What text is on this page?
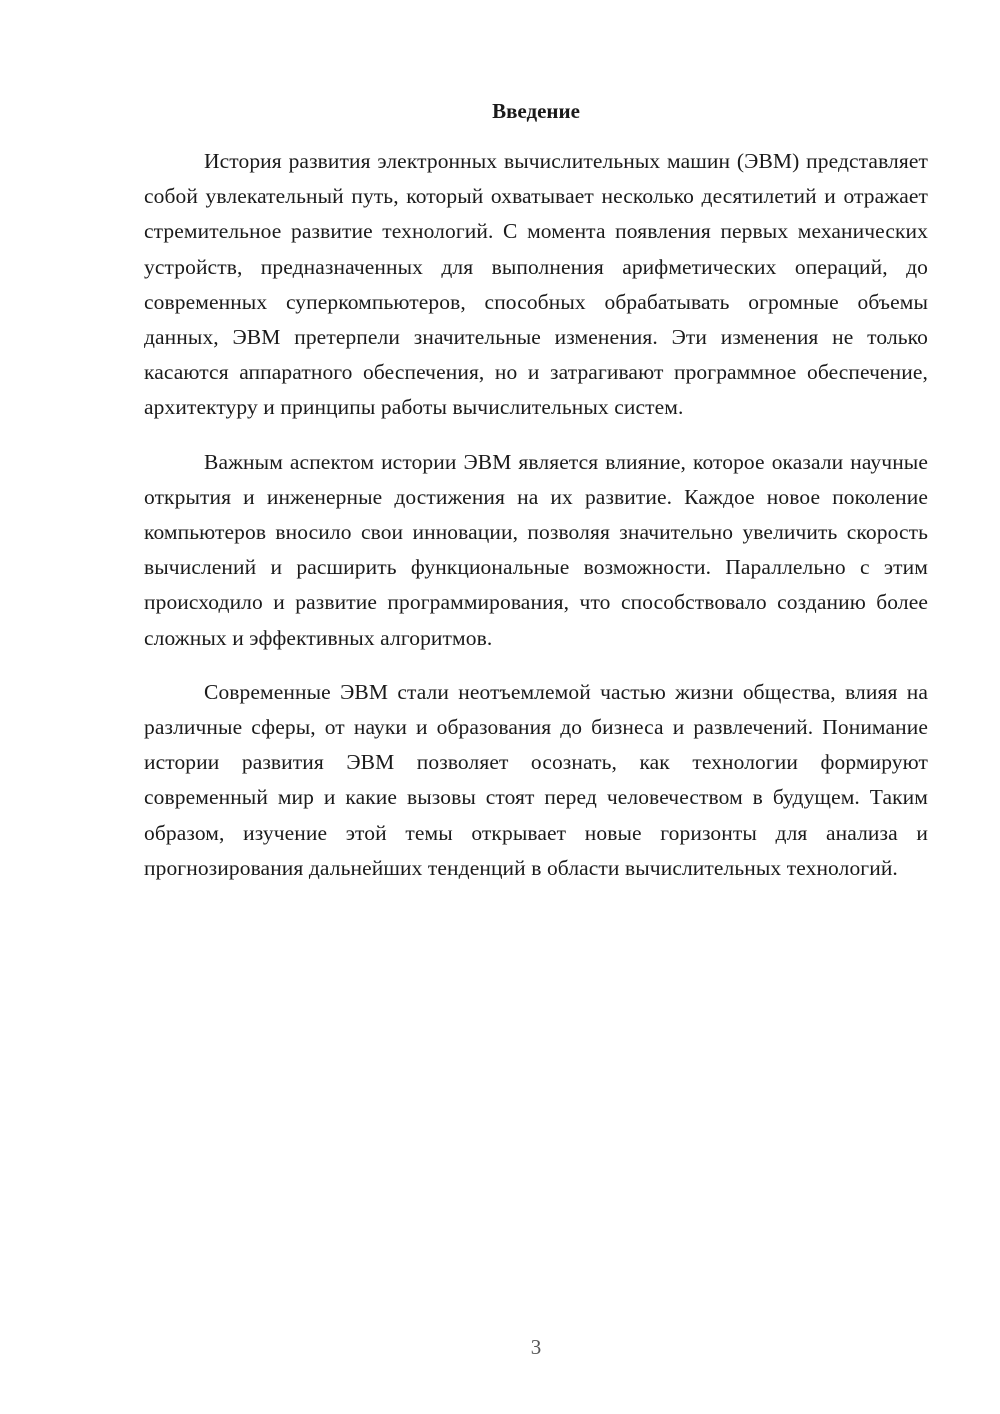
Введение

История развития электронных вычислительных машин (ЭВМ) представляет собой увлекательный путь, который охватывает несколько десятилетий и отражает стремительное развитие технологий. С момента появления первых механических устройств, предназначенных для выполнения арифметических операций, до современных суперкомпьютеров, способных обрабатывать огромные объемы данных, ЭВМ претерпели значительные изменения. Эти изменения не только касаются аппаратного обеспечения, но и затрагивают программное обеспечение, архитектуру и принципы работы вычислительных систем.

Важным аспектом истории ЭВМ является влияние, которое оказали научные открытия и инженерные достижения на их развитие. Каждое новое поколение компьютеров вносило свои инновации, позволяя значительно увеличить скорость вычислений и расширить функциональные возможности. Параллельно с этим происходило и развитие программирования, что способствовало созданию более сложных и эффективных алгоритмов.

Современные ЭВМ стали неотъемлемой частью жизни общества, влияя на различные сферы, от науки и образования до бизнеса и развлечений. Понимание истории развития ЭВМ позволяет осознать, как технологии формируют современный мир и какие вызовы стоят перед человечеством в будущем. Таким образом, изучение этой темы открывает новые горизонты для анализа и прогнозирования дальнейших тенденций в области вычислительных технологий.

3
